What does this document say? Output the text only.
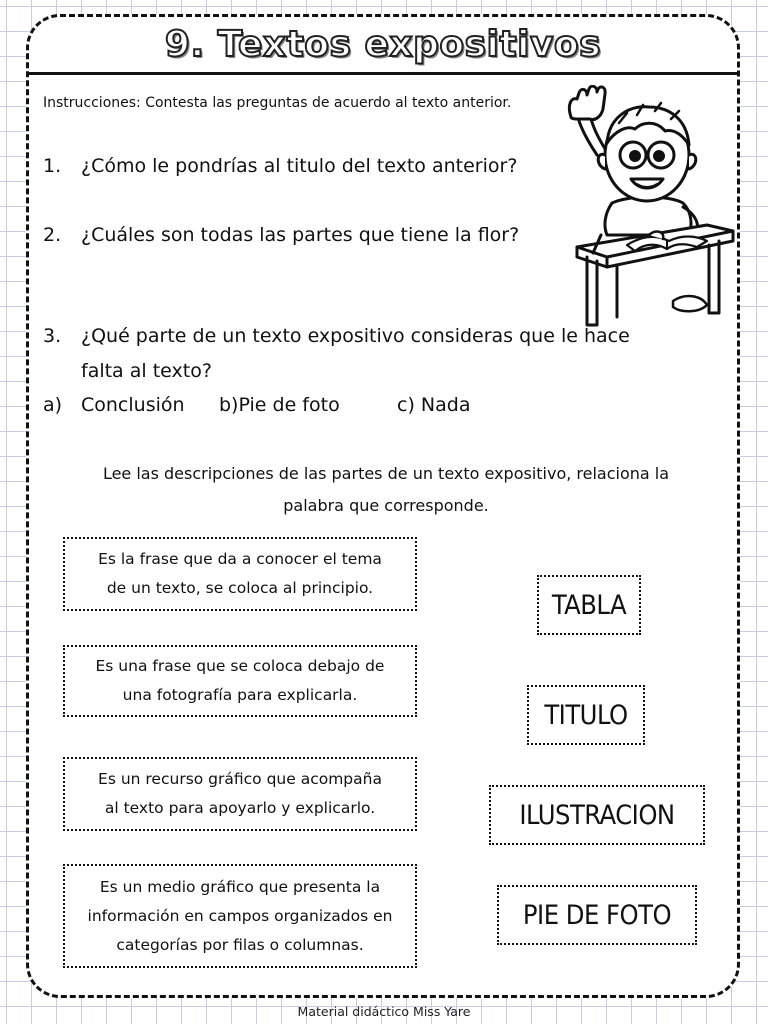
9. Textos expositivos
Instrucciones: Contesta las preguntas de acuerdo al texto anterior.
1. ¿Cómo le pondrías al titulo del texto anterior?
2. ¿Cuáles son todas las partes que tiene la flor?
3. ¿Qué parte de un texto expositivo consideras que le hace
falta al texto?
a) Conclusión b)Pie de foto	c) Nada
Lee las descripciones de las partes de un texto expositivo, relaciona la
palabra que corresponde.
Es la frase que da a conocer el tema
de un texto, se coloca al principio.
Es una frase que se coloca debajo de
una fotografía para explicarla.
Es un recurso gráfico que acompaña
al texto para apoyarlo y explicarlo.
Es un medio gráfico que presenta la
información en campos organizados en
categorías por filas o columnas.
TABLA
TITULO
ILUSTRACION
PIE DE FOTO
Material didáctico Miss Yare
